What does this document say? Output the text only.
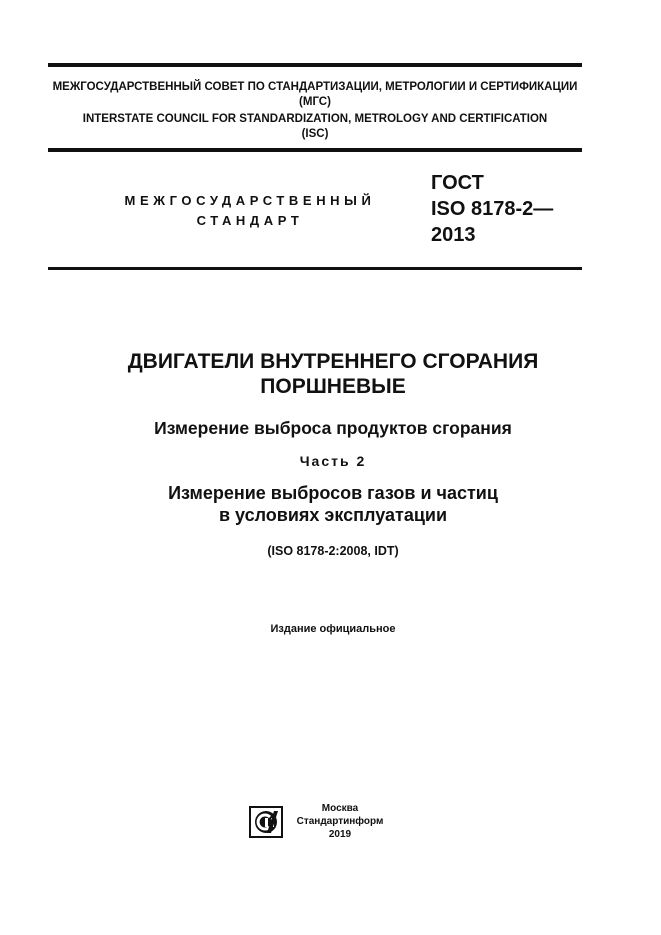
МЕЖГОСУДАРСТВЕННЫЙ СОВЕТ ПО СТАНДАРТИЗАЦИИ, МЕТРОЛОГИИ И СЕРТИФИКАЦИИ
(МГС)
INTERSTATE COUNCIL FOR STANDARDIZATION, METROLOGY AND CERTIFICATION
(ISC)
МЕЖГОСУДАРСТВЕННЫЙ
СТАНДАРТ
ГОСТ
ISO 8178-2—
2013
ДВИГАТЕЛИ ВНУТРЕННЕГО СГОРАНИЯ
ПОРШНЕВЫЕ
Измерение выброса продуктов сгорания
Часть 2
Измерение выбросов газов и частиц
в условиях эксплуатации
(ISO 8178-2:2008, IDT)
Издание официальное
Москва
Стандартинформ
2019
